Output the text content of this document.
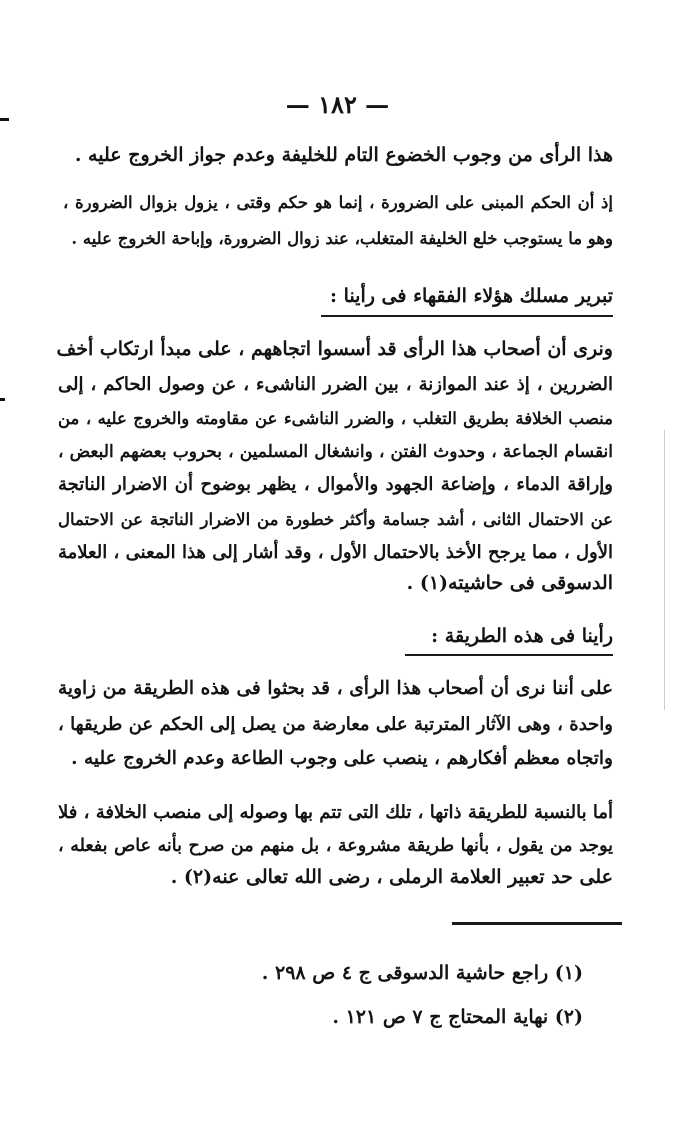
— ١٨٢ —
هذا الرأى من وجوب الخضوع التام للخليفة وعدم جواز الخروج عليه .
إذ أن الحكم المبنى على الضرورة ، إنما هو حكم وقتى ، يزول بزوال الضرورة ،
وهو ما يستوجب خلع الخليفة المتغلب، عند زوال الضرورة، وإباحة الخروج عليه .
تبرير مسلك هؤلاء الفقهاء فى رأينا :
ونرى أن أصحاب هذا الرأى قد أسسوا اتجاههم ، على مبدأ ارتكاب أخف
الضررين ، إذ عند الموازنة ، بين الضرر الناشىء ، عن وصول الحاكم ، إلى
منصب الخلافة بطريق التغلب ، والضرر الناشىء عن مقاومته والخروج عليه ، من
انقسام الجماعة ، وحدوث الفتن ، وانشغال المسلمين ، بحروب بعضهم البعض ،
وإراقة الدماء ، وإضاعة الجهود والأموال ، يظهر بوضوح أن الاضرار الناتجة
عن الاحتمال الثانى ، أشد جسامة وأكثر خطورة من الاضرار الناتجة عن الاحتمال
الأول ، مما يرجح الأخذ بالاحتمال الأول ، وقد أشار إلى هذا المعنى ، العلامة
الدسوقى فى حاشيته(١) .
رأينا فى هذه الطريقة :
على أننا نرى أن أصحاب هذا الرأى ، قد بحثوا فى هذه الطريقة من زاوية
واحدة ، وهى الآثار المترتبة على معارضة من يصل إلى الحكم عن طريقها ،
واتجاه معظم أفكارهم ، ينصب على وجوب الطاعة وعدم الخروج عليه .
أما بالنسبة للطريقة ذاتها ، تلك التى تتم بها وصوله إلى منصب الخلافة ، فلا
يوجد من يقول ، بأنها طريقة مشروعة ، بل منهم من صرح بأنه عاص بفعله ،
على حد تعبير العلامة الرملى ، رضى الله تعالى عنه(٢) .
(١) راجع حاشية الدسوقى ج ٤ ص ٢٩٨ .
(٢) نهاية المحتاج ج ٧ ص ١٢١ .
